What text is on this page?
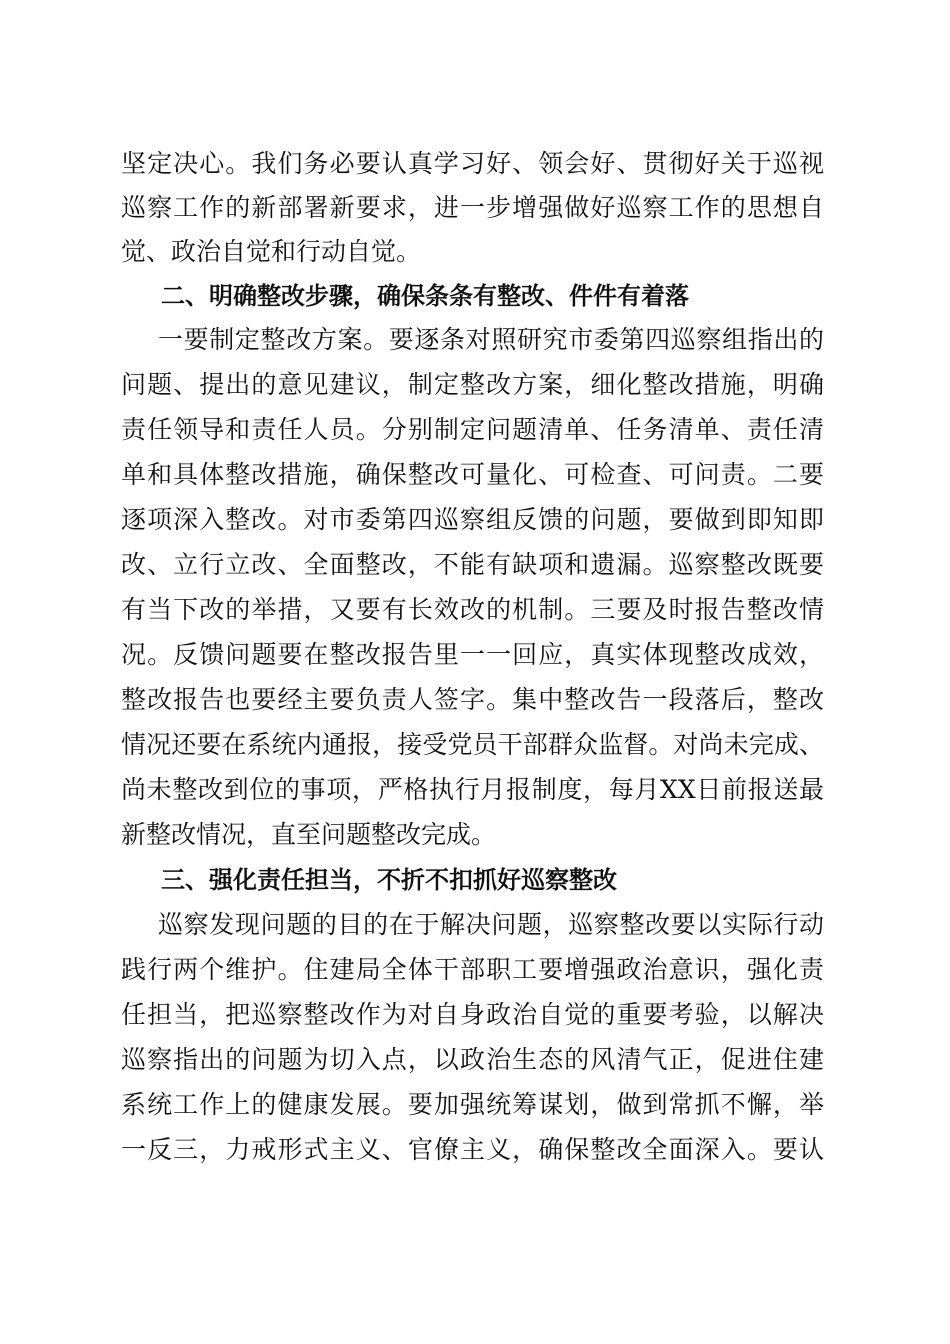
坚定决心。我们务必要认真学习好、领会好、贯彻好关于巡视
巡察工作的新部署新要求，进一步增强做好巡察工作的思想自
觉、政治自觉和行动自觉。
二、明确整改步骤，确保条条有整改、件件有着落
一要制定整改方案。要逐条对照研究市委第四巡察组指出的
问题、提出的意见建议，制定整改方案，细化整改措施，明确
责任领导和责任人员。分别制定问题清单、任务清单、责任清
单和具体整改措施，确保整改可量化、可检查、可问责。二要
逐项深入整改。对市委第四巡察组反馈的问题，要做到即知即
改、立行立改、全面整改，不能有缺项和遗漏。巡察整改既要
有当下改的举措，又要有长效改的机制。三要及时报告整改情
况。反馈问题要在整改报告里一一回应，真实体现整改成效，
整改报告也要经主要负责人签字。集中整改告一段落后，整改
情况还要在系统内通报，接受党员干部群众监督。对尚未完成、
尚未整改到位的事项，严格执行月报制度，每月XX日前报送最
新整改情况，直至问题整改完成。
三、强化责任担当，不折不扣抓好巡察整改
巡察发现问题的目的在于解决问题，巡察整改要以实际行动
践行两个维护。住建局全体干部职工要增强政治意识，强化责
任担当，把巡察整改作为对自身政治自觉的重要考验，以解决
巡察指出的问题为切入点，以政治生态的风清气正，促进住建
系统工作上的健康发展。要加强统筹谋划，做到常抓不懈，举
一反三，力戒形式主义、官僚主义，确保整改全面深入。要认
